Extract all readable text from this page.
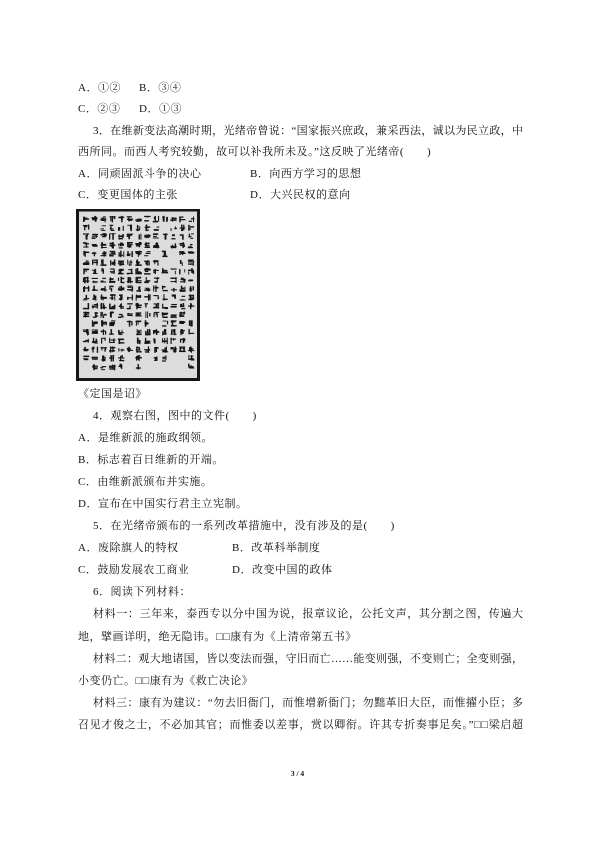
A．①② B．③④
C．②③ D．①③
3．在维新变法高潮时期，光绪帝曾说：“国家振兴庶政，兼采西法，诚以为民立政，中
西所同。而西人考究较勤，故可以补我所未及。”这反映了光绪帝(　　)
A．同顽固派斗争的决心	B．向西方学习的思想
C．变更国体的主张	D．大兴民权的意向
《定国是诏》
4．观察右图，图中的文件(　　)
A．是维新派的施政纲领。
B．标志着百日维新的开端。
C．由维新派颁布并实施。
D．宣布在中国实行君主立宪制。
5．在光绪帝颁布的一系列改革措施中，没有涉及的是(　　)
A．废除旗人的特权	B．改革科举制度
C．鼓励发展农工商业	D．改变中国的政体
6．阅读下列材料：
材料一：三年来，泰西专以分中国为说，报章议论，公托文声，其分割之图，传遍大
地，擘画详明，绝无隐讳。□□康有为《上清帝第五书》
材料二：观大地诸国，皆以变法而强，守旧而亡……能变则强，不变则亡；全变则强，
小变仍亡。□□康有为《救亡决论》
材料三：康有为建议：“勿去旧衙门，而惟增新衙门；勿黜革旧大臣，而惟擢小臣；多
召见才俊之士，不必加其官；而惟委以差事，赏以卿衔。许其专折奏事足矣。”□□梁启超
3 / 4
